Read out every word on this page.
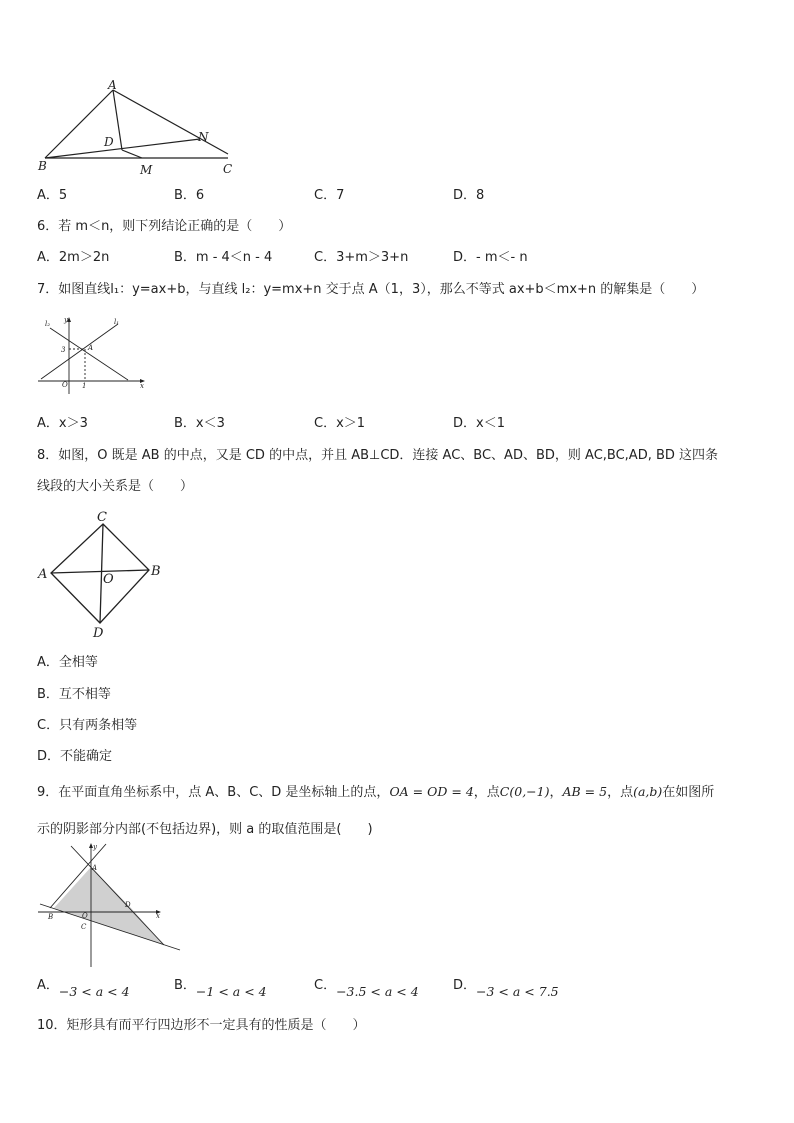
A
D	N
B	M	C
A．5	B．6	C．7	D．8
6．若 m＜n，则下列结论正确的是（　　）
A．2m＞2n	B．m - 4＜n - 4	C．3+m＞3+n	D．- m＜- n
7．如图直线l₁：y=ax+b，与直线 l₂：y=mx+n 交于点 A（1，3），那么不等式 ax+b＜mx+n 的解集是（　　）
l₂ y	l₁
3	A
O 1	x
A．x＞3	B．x＜3	C．x＞1	D．x＜1
8．如图，O 既是 AB 的中点，又是 CD 的中点，并且 AB⊥CD．连接 AC、BC、AD、BD，则 AC,BC,AD, BD 这四条
线段的大小关系是（　　）
C
A	O
B
D
A．全相等
B．互不相等
C．只有两条相等
D．不能确定
9．在平面直角坐标系中，点 A、B、C、D 是坐标轴上的点，OA = OD = 4，点C(0,−1)，AB = 5，点(a,b)在如图所
示的阴影部分内部(不包括边界)，则 a 的取值范围是(　　)
y
A
D
x
B	O
C
A．−3 < a < 4	B．−1 < a < 4	C．−3.5 < a < 4	D．−3 < a < 7.5
10．矩形具有而平行四边形不一定具有的性质是（　　）
